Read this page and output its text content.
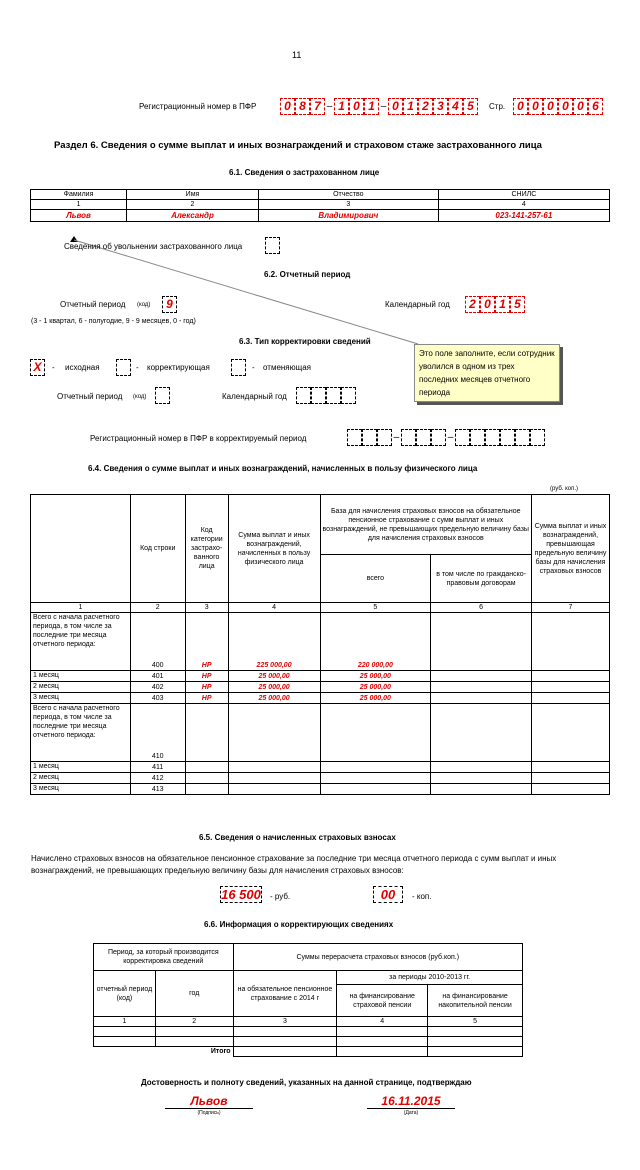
11
Регистрационный номер в ПФР	0 8 7 – 1 0 1 – 0 1 2 3 4 5	Стр.	0 0 0 0 0 6
Раздел 6. Сведения о сумме выплат и иных вознаграждений и страховом стаже застрахованного лица
6.1. Сведения о застрахованном лице
Фамилия	Имя	Отчество	СНИЛС
1	2	3	4
Львов	Александр	Владимирович	023-141-257-61
Сведения об увольнении застрахованного лица
6.2. Отчетный период
Отчетный период (код)	9
(3 - 1 квартал, 6 - полугодие, 9 - 9 месяцев, 0 - год)
Календарный год	2 0 1 5
6.3. Тип корректировки сведений
X	- исходная	- корректирующая	- отменяющая
Это поле заполните, если сотрудник уволился в одном из трех последних месяцев отчетного периода
Отчетный период (код)	Календарный год
Регистрационный номер в ПФР в корректируемый период	–	–
6.4. Сведения о сумме выплат и иных вознаграждений, начисленных в пользу физического лица
(руб. коп.)
	Код строки	Код категории застрахо-ванного лица	Сумма выплат и иных вознаграждений, начисленных в пользу физического лица	База для начисления страховых взносов на обязательное пенсионное страхование с сумм выплат и иных вознаграждений, не превышающих предельную величину базы для начисления страховых взносов		Сумма выплат и иных вознаграждений, превышающая предельную величину базы для начисления страховых взносов
				всего	в том числе по гражданско-правовым договорам	
1	2	3	4	5	6	7
Всего с начала расчетного периода, в том числе за последние три месяца отчетного периода:	400	НР	225 000,00	220 000,00		
1 месяц	401	НР	25 000,00	25 000,00		
2 месяц	402	НР	25 000,00	25 000,00		
3 месяц	403	НР	25 000,00	25 000,00		
Всего с начала расчетного периода, в том числе за последние три месяца отчетного периода:	410					
1 месяц	411					
2 месяц	412					
3 месяц	413					
6.5. Сведения о начисленных страховых взносах
Начислено страховых взносов на обязательное пенсионное страхование за последние три месяца отчетного периода с сумм выплат и иных вознаграждений, не превышающих предельную величину базы для начисления страховых взносов:
16 500 - руб.	00	- коп.
6.6. Информация о корректирующих сведениях
Период, за который производится корректировка сведений		Суммы перерасчета страховых взносов (руб.коп.)		
отчетный период (код)	год	на обязательное пенсионное страхование с 2014 г	за периоды 2010-2013 гг.	
			на финансирование страховой пенсии	на финансирование накопительной пенсии
1	2	3	4	5

	Итого			
Достоверность и полноту сведений, указанных на данной странице, подтверждаю
Львов
(Подпись)
16.11.2015
(Дата)
